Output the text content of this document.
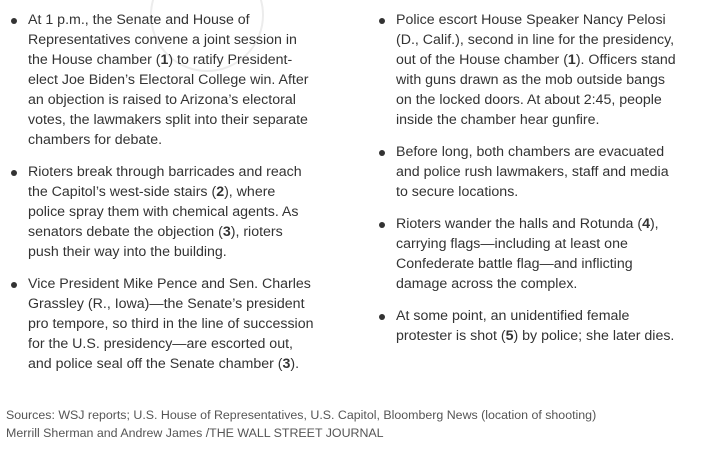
At 1 p.m., the Senate and House of Representatives convene a joint session in the House chamber (1) to ratify President-elect Joe Biden’s Electoral College win. After an objection is raised to Arizona’s electoral votes, the lawmakers split into their separate chambers for debate.

Rioters break through barricades and reach the Capitol’s west-side stairs (2), where police spray them with chemical agents. As senators debate the objection (3), rioters push their way into the building.

Vice President Mike Pence and Sen. Charles Grassley (R., Iowa)—the Senate’s president pro tempore, so third in the line of succession for the U.S. presidency—are escorted out, and police seal off the Senate chamber (3).

Police escort House Speaker Nancy Pelosi (D., Calif.), second in line for the presidency, out of the House chamber (1). Officers stand with guns drawn as the mob outside bangs on the locked doors. At about 2:45, people inside the chamber hear gunfire.

Before long, both chambers are evacuated and police rush lawmakers, staff and media to secure locations.

Rioters wander the halls and Rotunda (4), carrying flags—including at least one Confederate battle flag—and inflicting damage across the complex.

At some point, an unidentified female protester is shot (5) by police; she later dies.

Sources: WSJ reports; U.S. House of Representatives, U.S. Capitol, Bloomberg News (location of shooting)

Merrill Sherman and Andrew James /THE WALL STREET JOURNAL
